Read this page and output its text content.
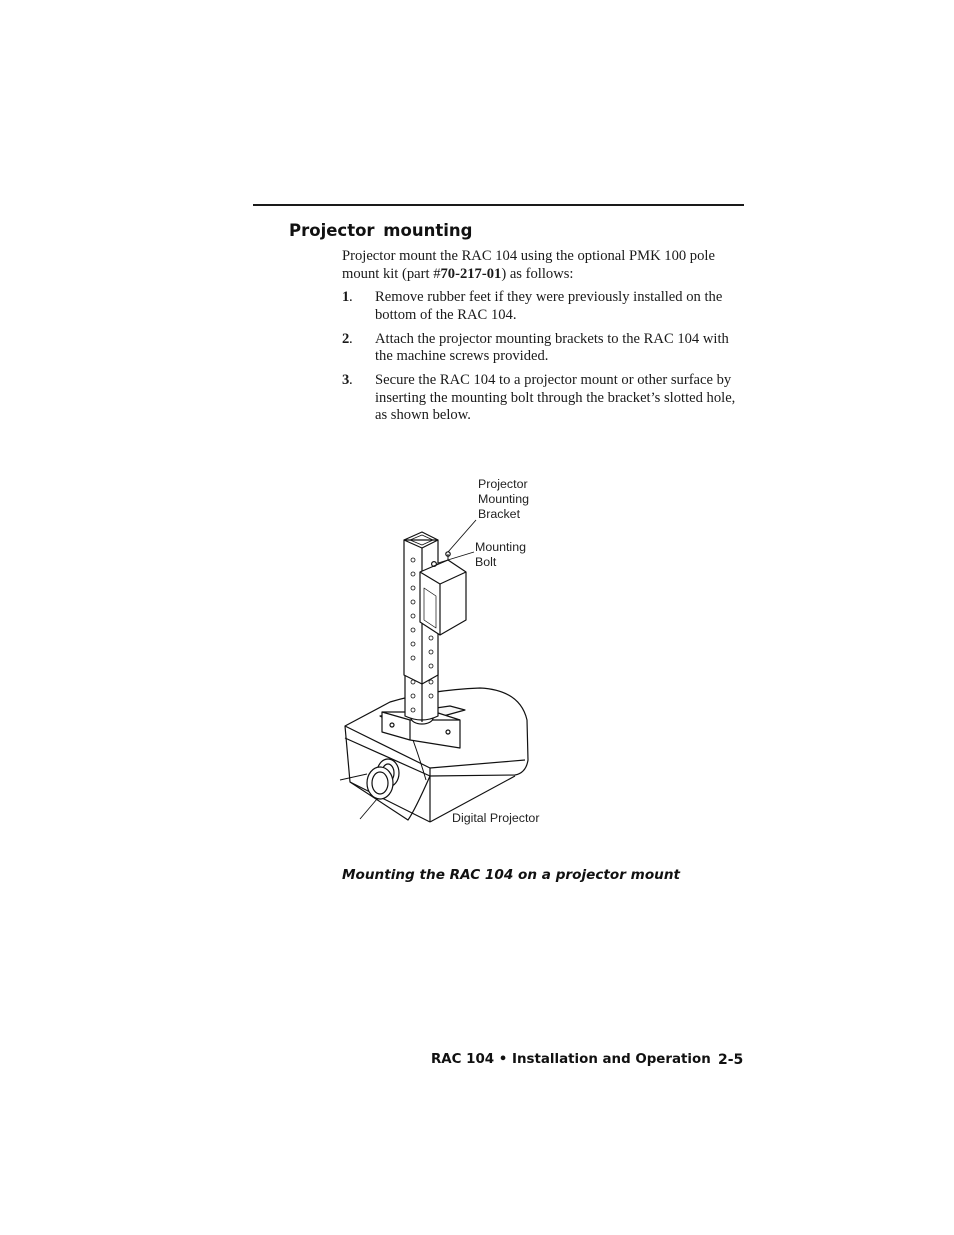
Projector mounting

Projector mount the RAC 104 using the optional PMK 100 pole mount kit (part #70-217-01) as follows:

1 . Remove rubber feet if they were previously installed on the bottom of the RAC 104.
2 . Attach the projector mounting brackets to the RAC 104 with the machine screws provided.
3 . Secure the RAC 104 to a projector mount or other surface by inserting the mounting bolt through the bracket’s slotted hole, as shown below.
Projector
Mounting
Bracket
Mounting
Bolt
Digital Projector

Mounting the RAC 104 on a projector mount

RAC 104 • Installation and Operation 2-5
